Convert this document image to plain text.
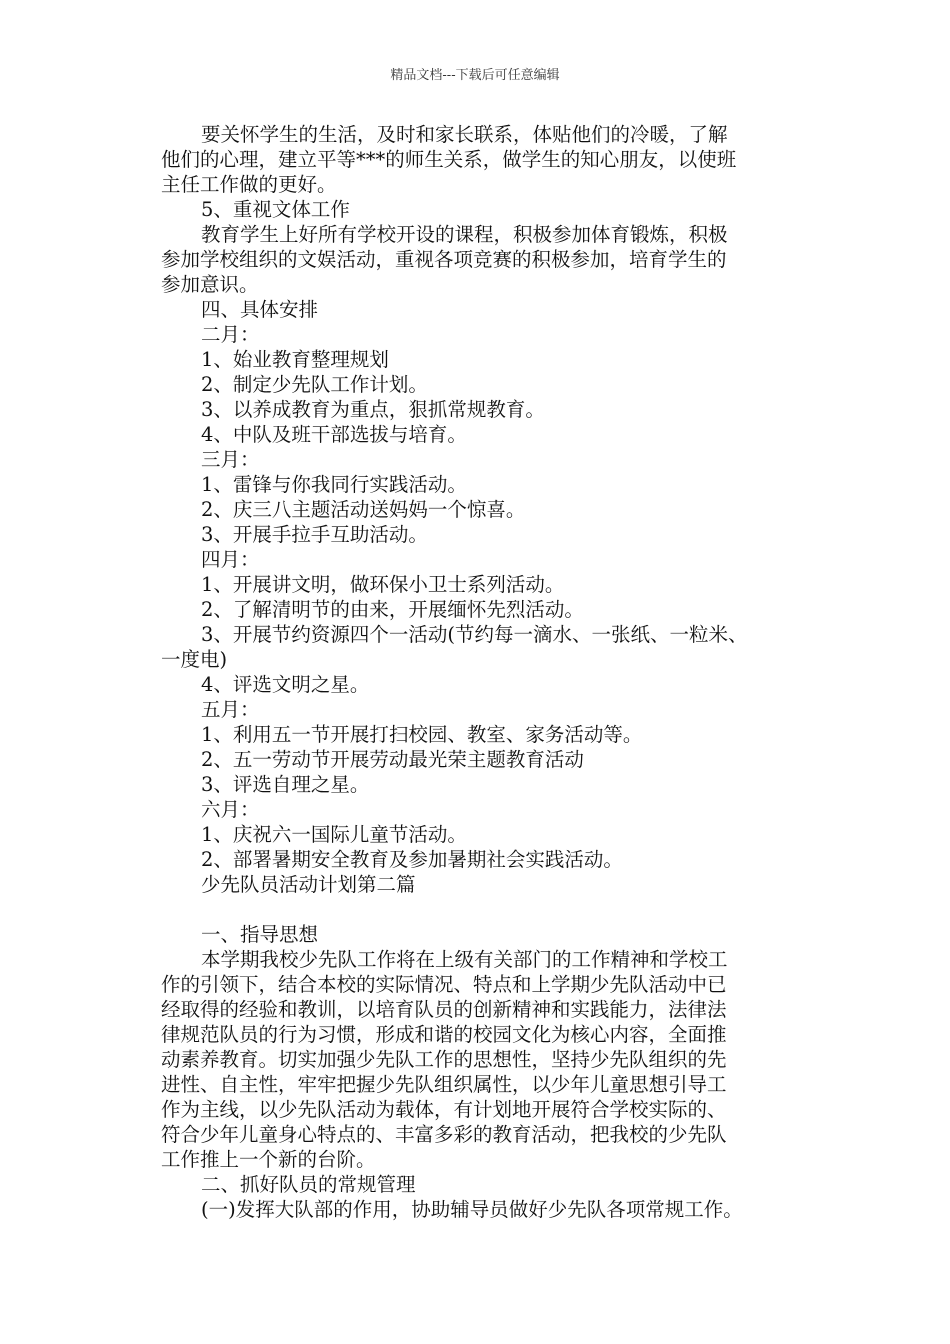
精品文档---下载后可任意编辑
要关怀学生的生活，及时和家长联系，体贴他们的冷暖，了解
他们的心理，建立平等***的师生关系，做学生的知心朋友，以使班
主任工作做的更好。
5、重视文体工作
教育学生上好所有学校开设的课程，积极参加体育锻炼，积极
参加学校组织的文娱活动，重视各项竞赛的积极参加，培育学生的
参加意识。
四、具体安排
二月：
1、始业教育整理规划
2、制定少先队工作计划。
3、以养成教育为重点，狠抓常规教育。
4、中队及班干部选拔与培育。
三月：
1、雷锋与你我同行实践活动。
2、庆三八主题活动送妈妈一个惊喜。
3、开展手拉手互助活动。
四月：
1、开展讲文明，做环保小卫士系列活动。
2、了解清明节的由来，开展缅怀先烈活动。
3、开展节约资源四个一活动(节约每一滴水、一张纸、一粒米、
一度电)
4、评选文明之星。
五月：
1、利用五一节开展打扫校园、教室、家务活动等。
2、五一劳动节开展劳动最光荣主题教育活动
3、评选自理之星。
六月：
1、庆祝六一国际儿童节活动。
2、部署暑期安全教育及参加暑期社会实践活动。
少先队员活动计划第二篇
一、指导思想
本学期我校少先队工作将在上级有关部门的工作精神和学校工
作的引领下，结合本校的实际情况、特点和上学期少先队活动中已
经取得的经验和教训，以培育队员的创新精神和实践能力，法律法
律规范队员的行为习惯，形成和谐的校园文化为核心内容，全面推
动素养教育。切实加强少先队工作的思想性，坚持少先队组织的先
进性、自主性，牢牢把握少先队组织属性，以少年儿童思想引导工
作为主线，以少先队活动为载体，有计划地开展符合学校实际的、
符合少年儿童身心特点的、丰富多彩的教育活动，把我校的少先队
工作推上一个新的台阶。
二、抓好队员的常规管理
(一)发挥大队部的作用，协助辅导员做好少先队各项常规工作。
